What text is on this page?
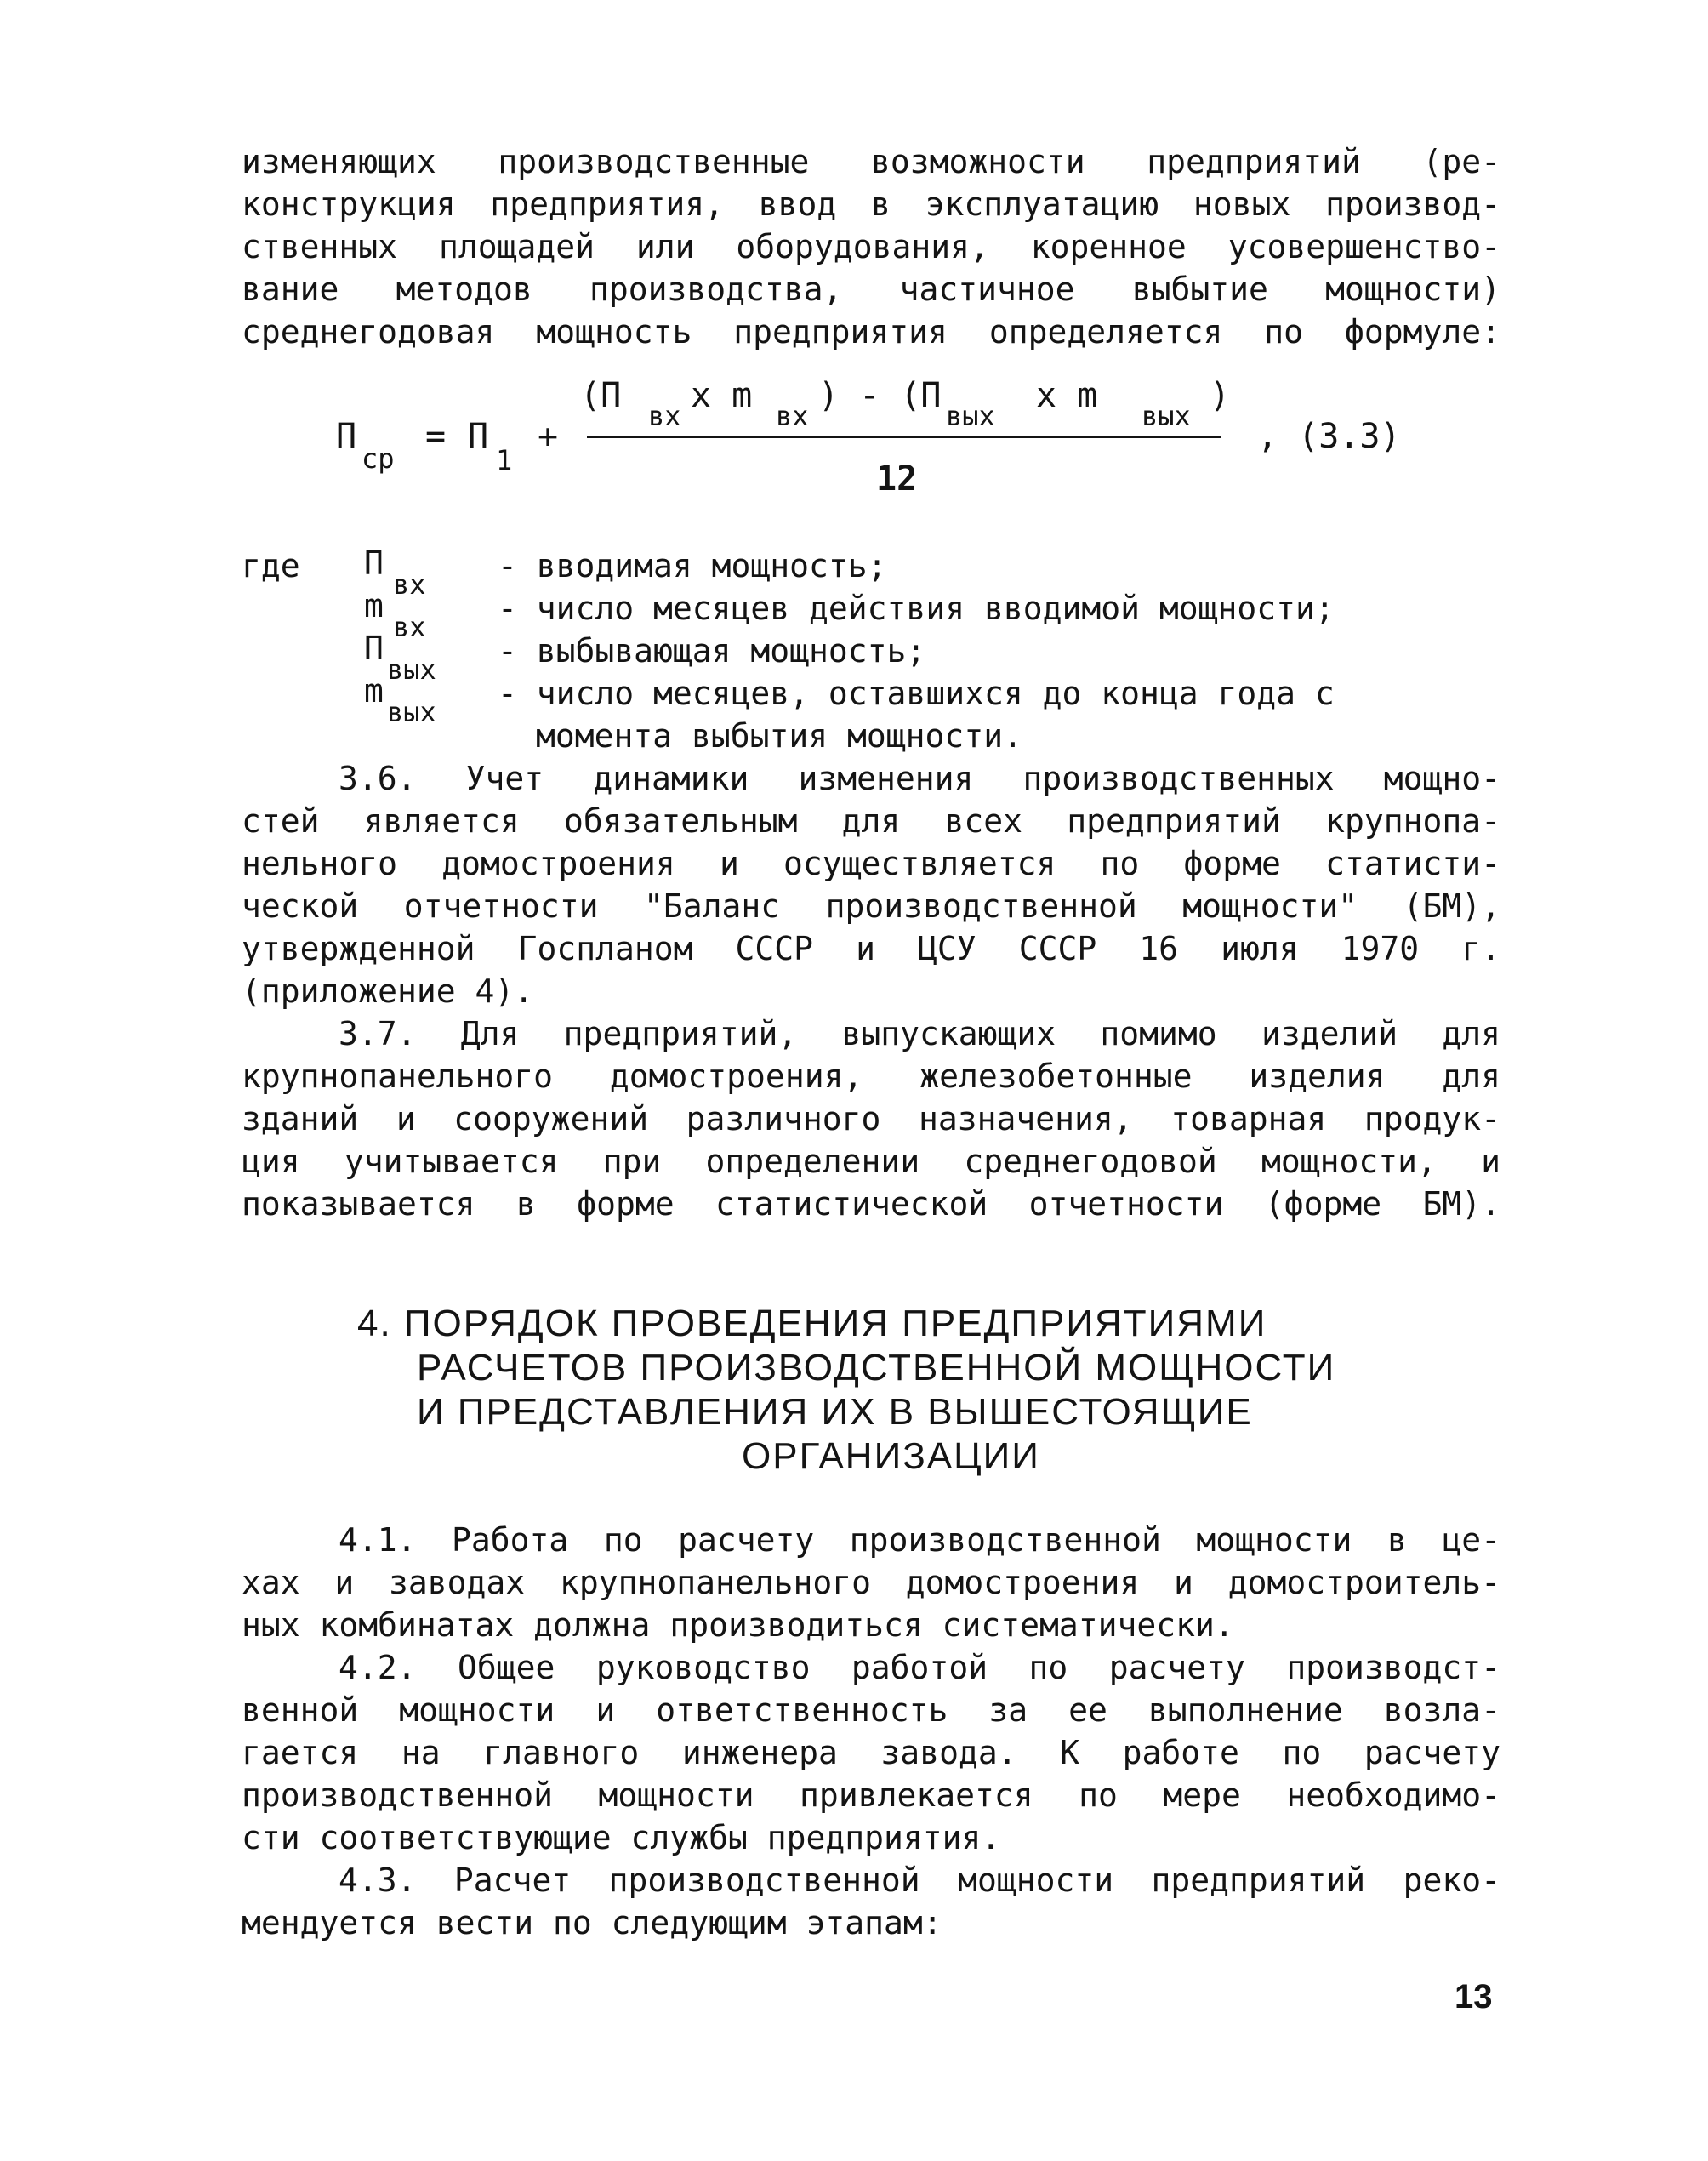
изменяющих производственные возможности предприятий (ре-
конструкция предприятия, ввод в эксплуатацию новых производ-
ственных площадей или оборудования, коренное усовершенство-
вание методов производства, частичное выбытие мощности)
среднегодовая мощность предприятия определяется по формуле:
П
ср
= П
1
+
(П
вх
х m
вх
) - (П
вых
х m
вых
)
12
, (3.3)
где П
вх - вводимая мощность;
m
вх - число месяцев действия вводимой мощности;
П
вых - выбывающая мощность;
m
вых - число месяцев, оставшихся до конца года с
момента выбытия мощности.
3.6. Учет динамики изменения производственных мощно-
стей является обязательным для всех предприятий крупнопа-
нельного домостроения и осуществляется по форме статисти-
ческой отчетности "Баланс производственной мощности" (БМ),
утвержденной Госпланом СССР и ЦСУ СССР 16 июля 1970 г.
(приложение 4).
3.7. Для предприятий, выпускающих помимо изделий для
крупнопанельного домостроения, железобетонные изделия для
зданий и сооружений различного назначения, товарная продук-
ция учитывается при определении среднегодовой мощности, и
показывается в форме статистической отчетности (форме БМ).
4. ПОРЯДОК ПРОВЕДЕНИЯ ПРЕДПРИЯТИЯМИ
РАСЧЕТОВ ПРОИЗВОДСТВЕННОЙ МОЩНОСТИ
И ПРЕДСТАВЛЕНИЯ ИХ В ВЫШЕСТОЯЩИЕ
ОРГАНИЗАЦИИ
4.1. Работа по расчету производственной мощности в це-
хах и заводах крупнопанельного домостроения и домостроитель-
ных комбинатах должна производиться систематически.
4.2. Общее руководство работой по расчету производст-
венной мощности и ответственность за ее выполнение возла-
гается на главного инженера завода. К работе по расчету
производственной мощности привлекается по мере необходимо-
сти соответствующие службы предприятия.
4.3. Расчет производственной мощности предприятий реко-
мендуется вести по следующим этапам:
13
